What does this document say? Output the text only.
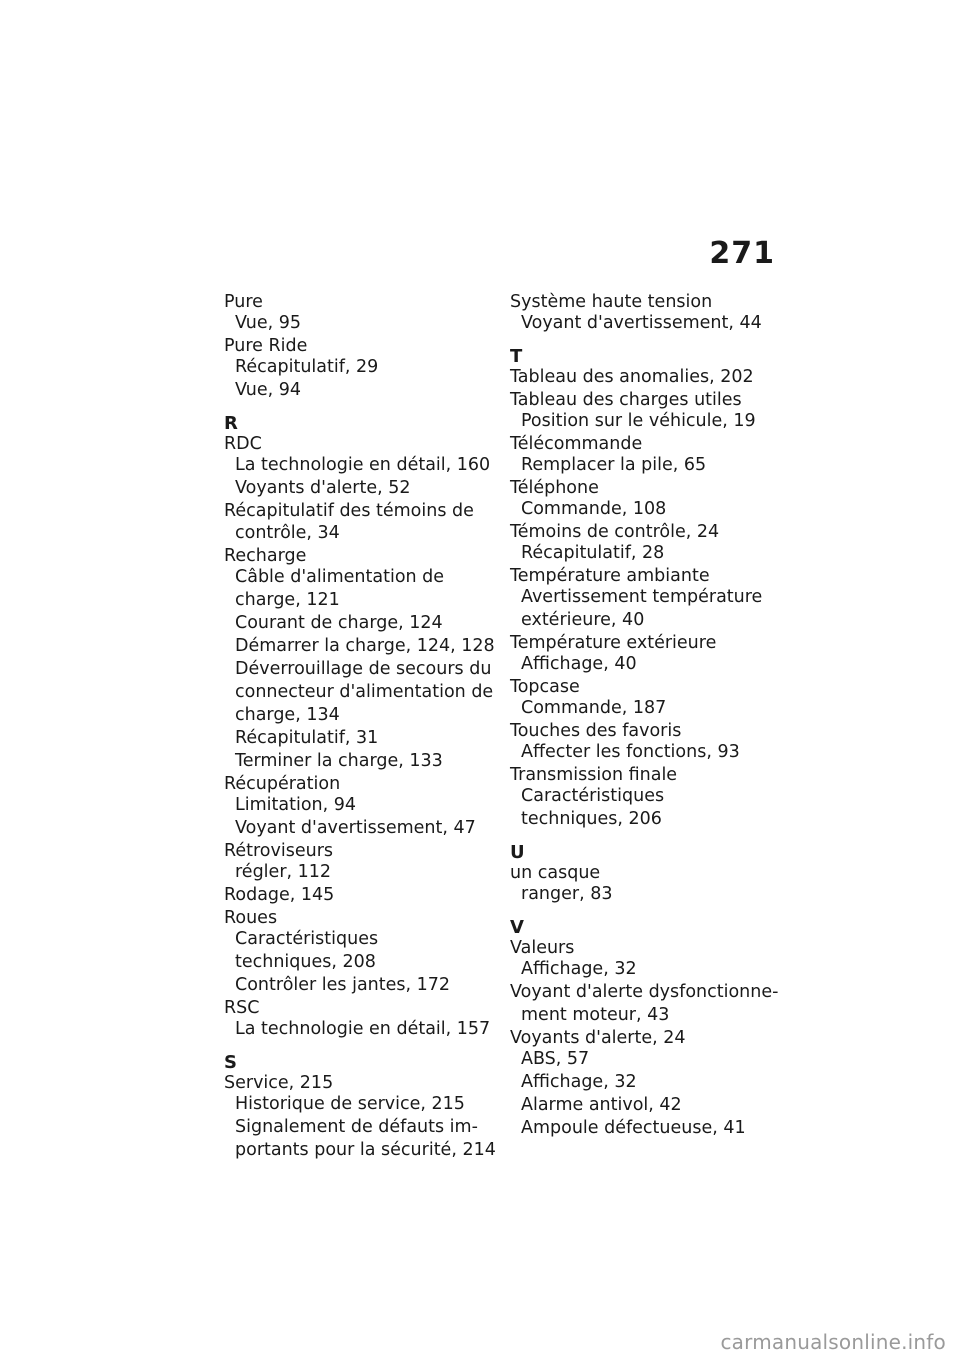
271
Pure
Vue, 95
Pure Ride
Récapitulatif, 29
Vue, 94
R
RDC
La technologie en détail, 160
Voyants d'alerte, 52
Récapitulatif des témoins de
contrôle, 34
Recharge
Câble d'alimentation de
charge, 121
Courant de charge, 124
Démarrer la charge, 124, 128
Déverrouillage de secours du
connecteur d'alimentation de
charge, 134
Récapitulatif, 31
Terminer la charge, 133
Récupération
Limitation, 94
Voyant d'avertissement, 47
Rétroviseurs
régler, 112
Rodage, 145
Roues
Caractéristiques
techniques, 208
Contrôler les jantes, 172
RSC
La technologie en détail, 157
S
Service, 215
Historique de service, 215
Signalement de défauts im-
portants pour la sécurité, 214
Système haute tension
Voyant d'avertissement, 44
T
Tableau des anomalies, 202
Tableau des charges utiles
Position sur le véhicule, 19
Télécommande
Remplacer la pile, 65
Téléphone
Commande, 108
Témoins de contrôle, 24
Récapitulatif, 28
Température ambiante
Avertissement température
extérieure, 40
Température extérieure
Affichage, 40
Topcase
Commande, 187
Touches des favoris
Affecter les fonctions, 93
Transmission finale
Caractéristiques
techniques, 206
U
un casque
ranger, 83
V
Valeurs
Affichage, 32
Voyant d'alerte dysfonctionne-
ment moteur, 43
Voyants d'alerte, 24
ABS, 57
Affichage, 32
Alarme antivol, 42
Ampoule défectueuse, 41
carmanualsonline.info
